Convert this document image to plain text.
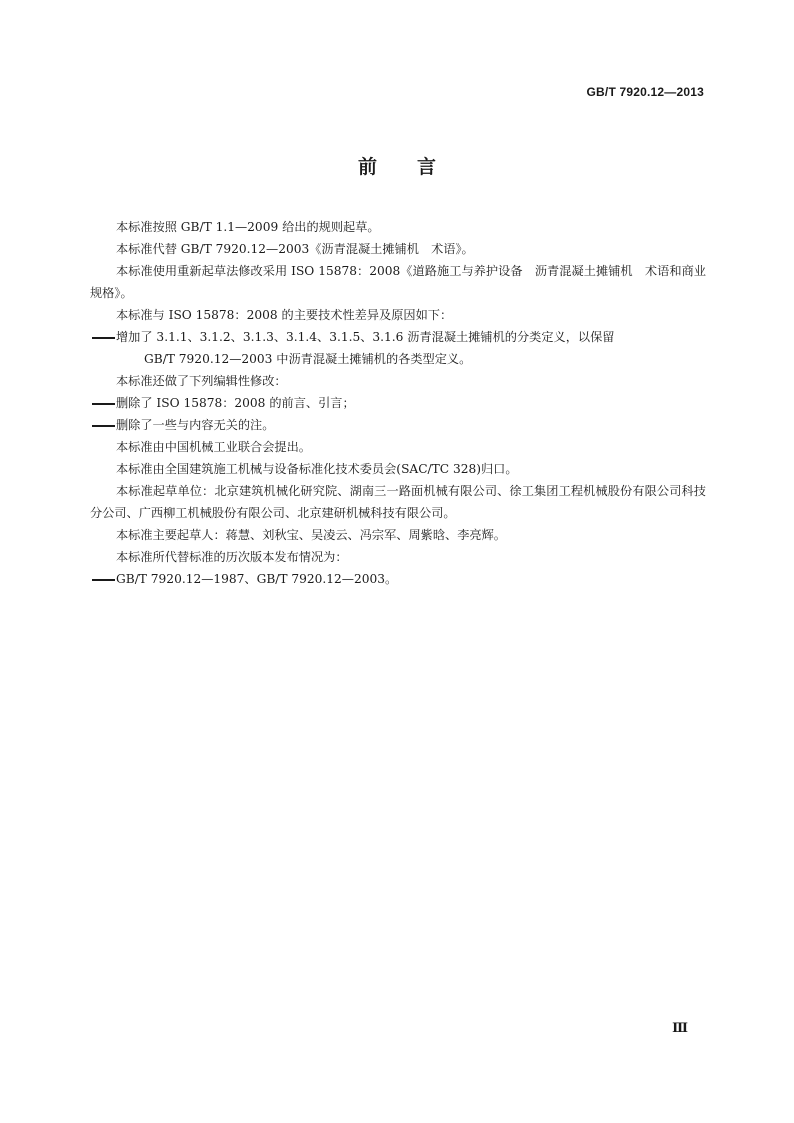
GB/T 7920.12—2013
前言

本标准按照 GB/T 1.1—2009 给出的规则起草。

本标准代替 GB/T 7920.12—2003《沥青混凝土摊铺机　术语》。

本标准使用重新起草法修改采用 ISO 15878：2008《道路施工与养护设备　沥青混凝土摊铺机　术语和商业规格》。

本标准与 ISO 15878：2008 的主要技术性差异及原因如下：

增加了 3.1.1、3.1.2、3.1.3、3.1.4、3.1.5、3.1.6 沥青混凝土摊铺机的分类定义，以保留
GB/T 7920.12—2003 中沥青混凝土摊铺机的各类型定义。

本标准还做了下列编辑性修改：

删除了 ISO 15878：2008 的前言、引言；
删除了一些与内容无关的注。

本标准由中国机械工业联合会提出。

本标准由全国建筑施工机械与设备标准化技术委员会(SAC/TC 328)归口。

本标准起草单位：北京建筑机械化研究院、湖南三一路面机械有限公司、徐工集团工程机械股份有限公司科技分公司、广西柳工机械股份有限公司、北京建研机械科技有限公司。

本标准主要起草人：蒋慧、刘秋宝、吴凌云、冯宗军、周紫晗、李亮辉。

本标准所代替标准的历次版本发布情况为：

GB/T 7920.12—1987、GB/T 7920.12—2003。
Ⅲ
